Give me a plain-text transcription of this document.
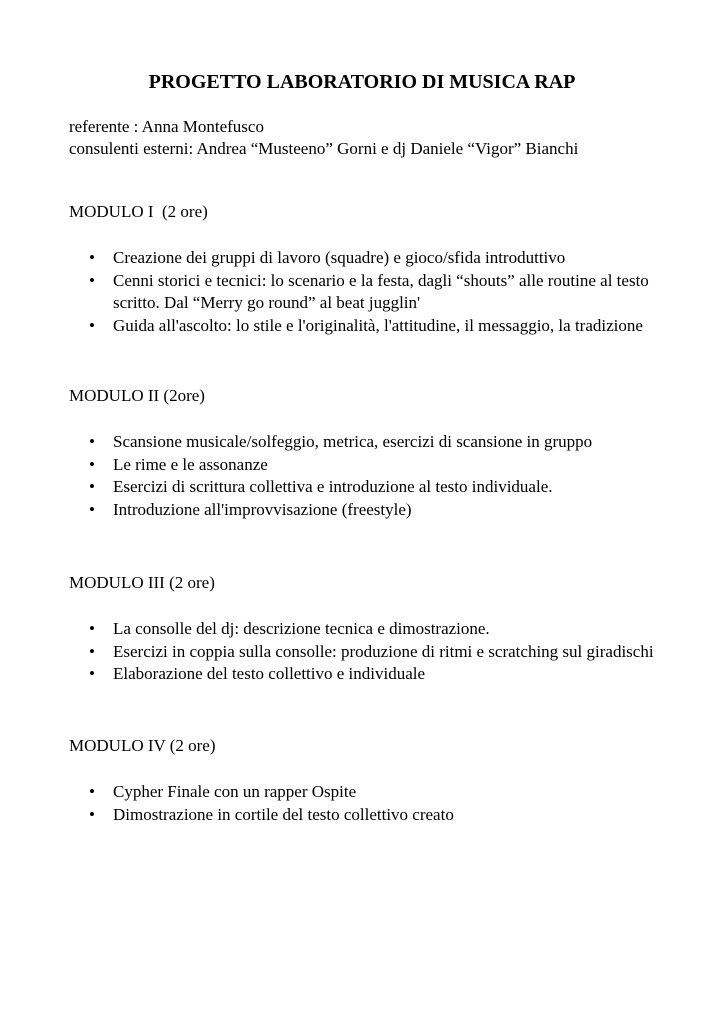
PROGETTO LABORATORIO DI MUSICA RAP
referente : Anna Montefusco
consulenti esterni: Andrea “Musteeno” Gorni e dj Daniele “Vigor” Bianchi
MODULO I  (2 ore)
• Creazione dei gruppi di lavoro (squadre) e gioco/sfida introduttivo
• Cenni storici e tecnici: lo scenario e la festa, dagli “shouts” alle routine al testo scritto. Dal “Merry go round” al beat jugglin'
• Guida all'ascolto: lo stile e l'originalità, l'attitudine, il messaggio, la tradizione
MODULO II (2ore)
• Scansione musicale/solfeggio, metrica, esercizi di scansione in gruppo
• Le rime e le assonanze
• Esercizi di scrittura collettiva e introduzione al testo individuale.
• Introduzione all'improvvisazione (freestyle)
MODULO III (2 ore)
• La consolle del dj: descrizione tecnica e dimostrazione.
• Esercizi in coppia sulla consolle: produzione di ritmi e scratching sul giradischi
• Elaborazione del testo collettivo e individuale
MODULO IV (2 ore)
• Cypher Finale con un rapper Ospite
• Dimostrazione in cortile del testo collettivo creato
